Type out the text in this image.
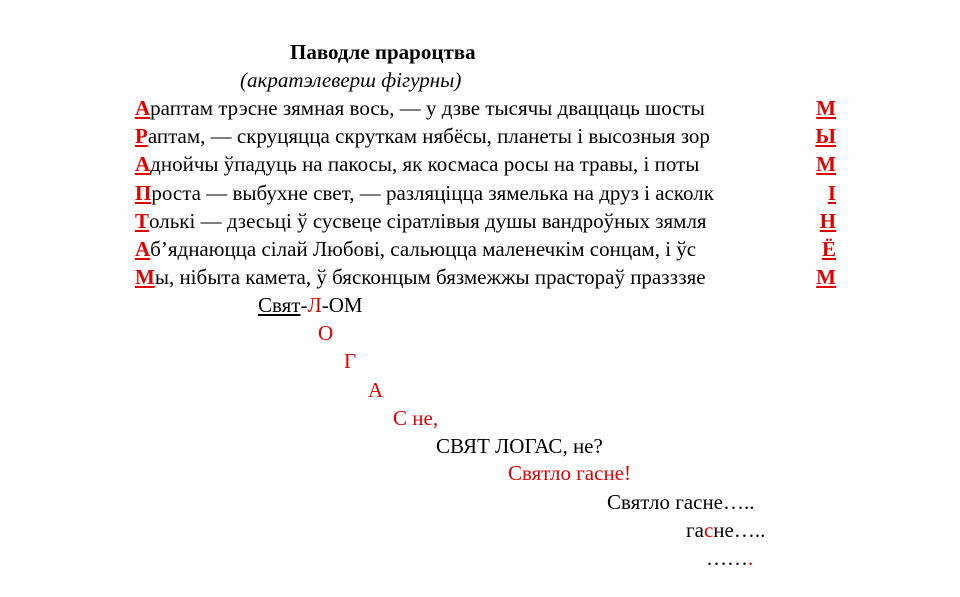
Паводле прароцтва
(акратэлеверш фігурны)
А раптам трэсне зямная вось, — у дзве тысячы дваццаць шосты	М
Р аптам, — скруцяцца скруткам нябёсы, планеты і высозныя зор	Ы
А днойчы ўпадуць на пакосы, як космаса росы на травы, і поты	М
П роста — выбухне свет, — разляціцца зямелька на друз і асколк	І
Т олькі — дзесьці ў сусвеце сіратлівыя душы вандроўных зямля	Н
А б’яднаюцца сілай Любові, сальюцца маленечкім сонцам, і ўс	Ё
М ы, нібыта камета, ў бясконцым бязмежжы прастораў празззяе	М
Свят-Л-ОМ
О
Г
А
С не,
СВЯТ ЛОГАС, не?
Святло гасне!
Святло гасне…..
гасне…..
…….
